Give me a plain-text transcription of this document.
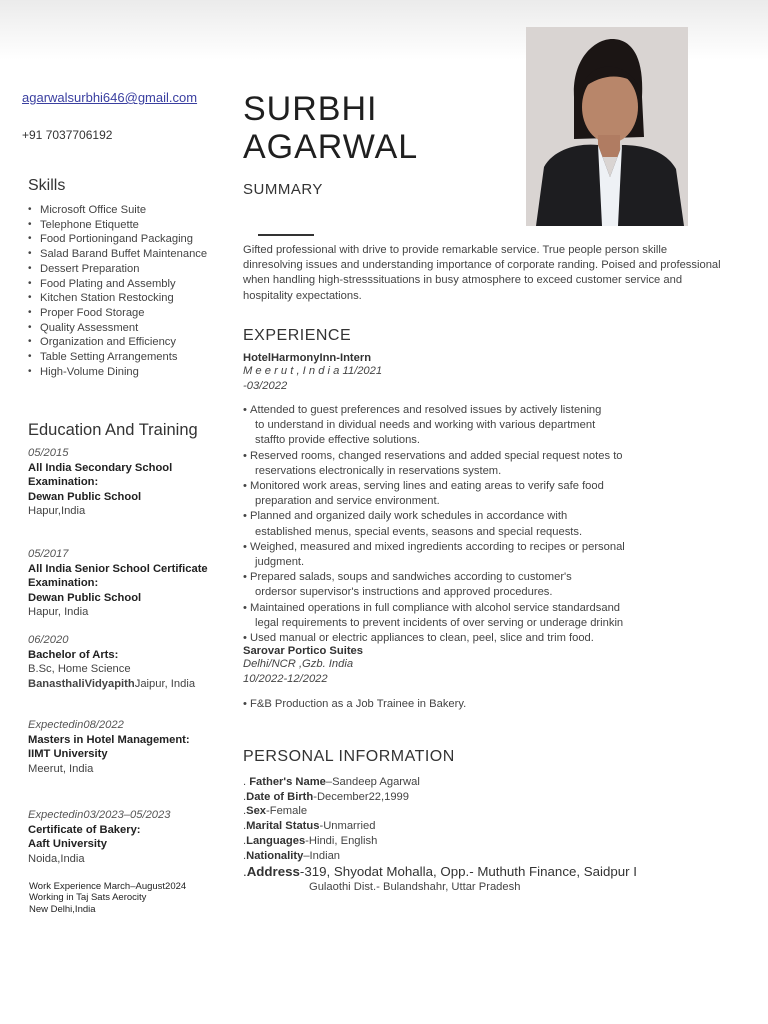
agarwalsurbhi646@gmail.com
+91 7037706192
SURBHI
AGARWAL
SUMMARY
Gifted professional with drive to provide remarkable service. True people person skille dinresolving issues and understanding importance of corporate randing. Poised and professional when handling high-stresssituations in busy atmosphere to exceed customer service and hospitality expectations.
Skills
• Microsoft Office Suite
• Telephone Etiquette
• Food Portioningand Packaging
• Salad Barand Buffet Maintenance
• Dessert Preparation
• Food Plating and Assembly
• Kitchen Station Restocking
• Proper Food Storage
• Quality Assessment
• Organization and Efficiency
• Table Setting Arrangements
• High-Volume Dining
Education And Training
05/2015
All India Secondary School Examination:
Dewan Public School
Hapur,India
05/2017
All India Senior School Certificate Examination:
Dewan Public School
Hapur, India
06/2020
Bachelor of Arts:
B.Sc, Home Science
BanasthaliVidyapithJaipur, India
Expectedin08/2022
Masters in Hotel Management:
IIMT University
Meerut, India
Expectedin03/2023–05/2023
Certificate of Bakery:
Aaft University
Noida,India
Work Experience March–August2024
Working in Taj Sats Aerocity
New Delhi,India
EXPERIENCE
HotelHarmonyInn-Intern
M e e r u t , I n d i a 11/2021
-03/2022
• Attended to guest preferences and resolved issues by actively listening
to understand in dividual needs and working with various department
staffto provide effective solutions.
• Reserved rooms, changed reservations and added special request notes to
reservations electronically in reservations system.
• Monitored work areas, serving lines and eating areas to verify safe food
preparation and service environment.
• Planned and organized daily work schedules in accordance with
established menus, special events, seasons and special requests.
• Weighed, measured and mixed ingredients according to recipes or personal
judgment.
• Prepared salads, soups and sandwiches according to customer's
ordersor supervisor's instructions and approved procedures.
• Maintained operations in full compliance with alcohol service standardsand
legal requirements to prevent incidents of over serving or underage drinkin
• Used manual or electric appliances to clean, peel, slice and trim food.
Sarovar Portico Suites
Delhi/NCR ,Gzb. India
10/2022-12/2022
• F&B Production as a Job Trainee in Bakery.
PERSONAL INFORMATION
. Father's Name–Sandeep Agarwal
.Date of Birth-December22,1999
.Sex-Female
.Marital Status-Unmarried
.Languages-Hindi, English
.Nationality–Indian
.Address-319, Shyodat Mohalla, Opp.- Muthuth Finance, Saidpur I
Gulaothi Dist.- Bulandshahr, Uttar Pradesh
